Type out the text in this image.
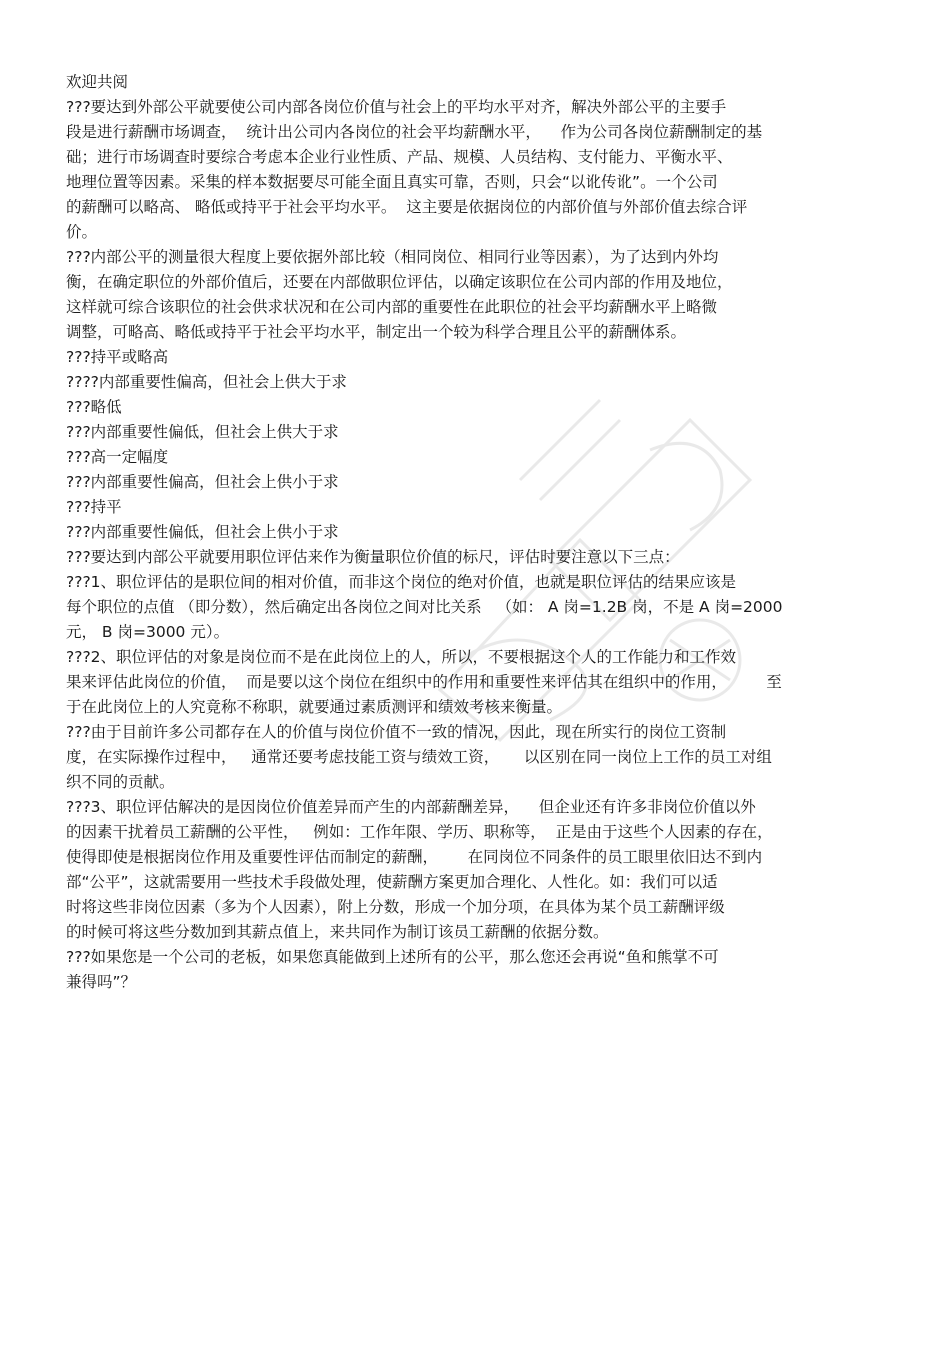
欢迎共阅
???要达到外部公平就要使公司内部各岗位价值与社会上的平均水平对齐，解决外部公平的主要手
段是进行薪酬市场调查，  统计出公司内各岗位的社会平均薪酬水平，    作为公司各岗位薪酬制定的基
础；进行市场调查时要综合考虑本企业行业性质、产品、规模、人员结构、支付能力、平衡水平、
地理位置等因素。采集的样本数据要尽可能全面且真实可靠，否则，只会“以讹传讹”。一个公司
的薪酬可以略高、 略低或持平于社会平均水平。  这主要是依据岗位的内部价值与外部价值去综合评
价。
???内部公平的测量很大程度上要依据外部比较（相同岗位、相同行业等因素），为了达到内外均
衡，在确定职位的外部价值后，还要在内部做职位评估，以确定该职位在公司内部的作用及地位，
这样就可综合该职位的社会供求状况和在公司内部的重要性在此职位的社会平均薪酬水平上略微
调整，可略高、略低或持平于社会平均水平，制定出一个较为科学合理且公平的薪酬体系。
???持平或略高
????内部重要性偏高，但社会上供大于求
???略低
???内部重要性偏低，但社会上供大于求
???高一定幅度
???内部重要性偏高，但社会上供小于求
???持平
???内部重要性偏低，但社会上供小于求
???要达到内部公平就要用职位评估来作为衡量职位价值的标尺，评估时要注意以下三点：
???1、职位评估的是职位间的相对价值，而非这个岗位的绝对价值，也就是职位评估的结果应该是
每个职位的点值 （即分数），然后确定出各岗位之间对比关系   （如： A 岗=1.2B 岗，不是 A 岗=2000
元， B 岗=3000 元）。
???2、职位评估的对象是岗位而不是在此岗位上的人，所以，不要根据这个人的工作能力和工作效
果来评估此岗位的价值，  而是要以这个岗位在组织中的作用和重要性来评估其在组织中的作用，        至
于在此岗位上的人究竟称不称职，就要通过素质测评和绩效考核来衡量。
???由于目前许多公司都存在人的价值与岗位价值不一致的情况，因此，现在所实行的岗位工资制
度，在实际操作过程中，   通常还要考虑技能工资与绩效工资，     以区别在同一岗位上工作的员工对组
织不同的贡献。
???3、职位评估解决的是因岗位价值差异而产生的内部薪酬差异，    但企业还有许多非岗位价值以外
的因素干扰着员工薪酬的公平性，   例如：工作年限、学历、职称等，  正是由于这些个人因素的存在，
使得即使是根据岗位作用及重要性评估而制定的薪酬，      在同岗位不同条件的员工眼里依旧达不到内
部“公平”，这就需要用一些技术手段做处理，使薪酬方案更加合理化、人性化。如：我们可以适
时将这些非岗位因素（多为个人因素），附上分数，形成一个加分项，在具体为某个员工薪酬评级
的时候可将这些分数加到其薪点值上，来共同作为制订该员工薪酬的依据分数。
???如果您是一个公司的老板，如果您真能做到上述所有的公平，那么您还会再说“鱼和熊掌不可
兼得吗”？
